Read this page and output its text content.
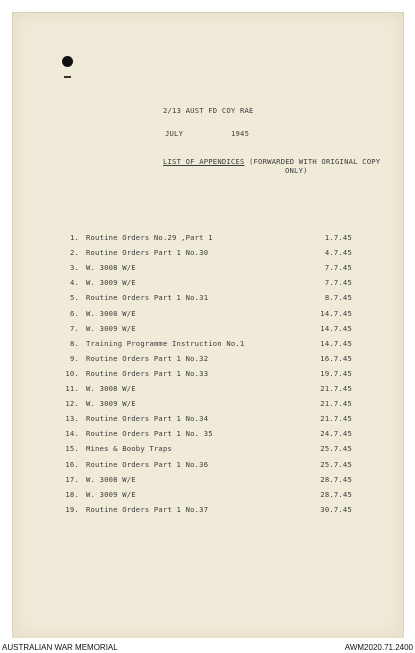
2/13 AUST FD COY RAE
JULY	1945
LIST OF APPENDICES (FORWARDED WITH ORIGINAL COPY
ONLY)
1. Routine Orders No.29 ,Part 1	1.7.45
2. Routine Orders Part 1 No.30	4.7.45
3. W. 3008 W/E	7.7.45
4. W. 3009 W/E	7.7.45
5. Routine Orders Part 1 No.31	8.7.45
6. W. 3008 W/E	14.7.45
7. W. 3009 W/E	14.7.45
8. Training Programme Instruction No.1	14.7.45
9. Routine Orders Part 1 No.32	16.7.45
10. Routine Orders Part 1 No.33	19.7.45
11. W. 3008 W/E	21.7.45
12. W. 3009 W/E	21.7.45
13. Routine Orders Part 1 No.34	21.7.45
14. Routine Orders Part 1 No. 35	24.7.45
15. Mines & Booby Traps	25.7.45
16. Routine Orders Part 1 No.36	25.7.45
17. W. 3008 W/E	28.7.45
18. W. 3009 W/E	28.7.45
19. Routine Orders Part 1 No.37	30.7.45
AUSTRALIAN WAR MEMORIAL	AWM2020.71.2400
